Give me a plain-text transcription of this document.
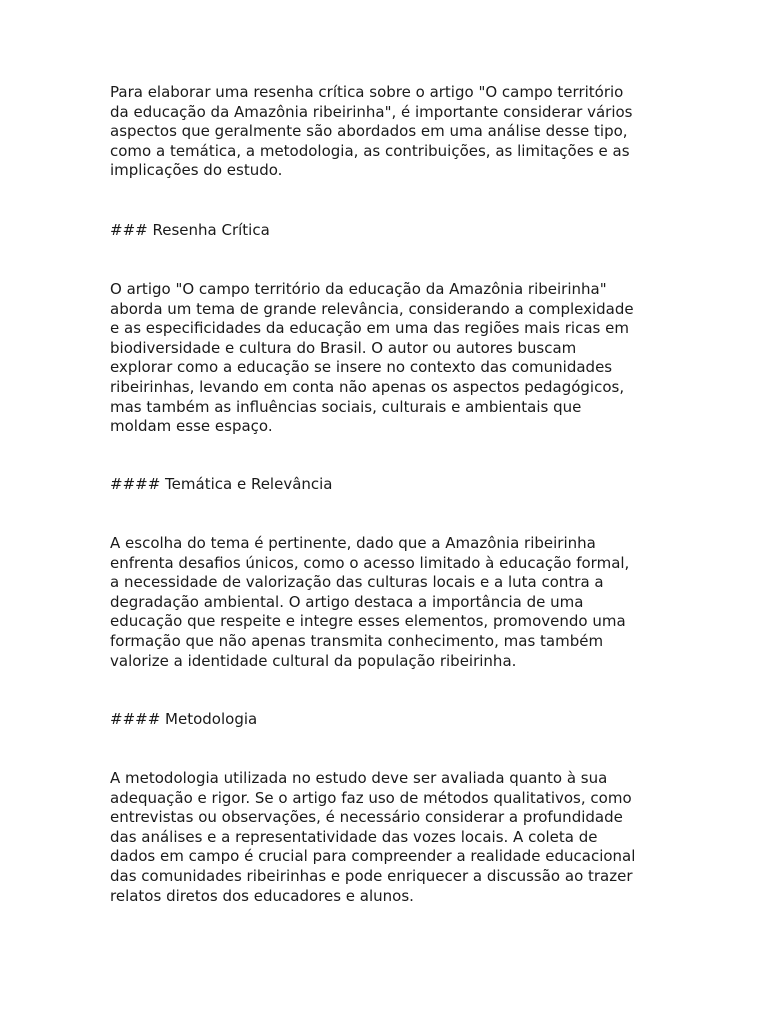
Para elaborar uma resenha crítica sobre o artigo "O campo território

da educação da Amazônia ribeirinha", é importante considerar vários

aspectos que geralmente são abordados em uma análise desse tipo,

como a temática, a metodologia, as contribuições, as limitações e as

implicações do estudo.

### Resenha Crítica

O artigo "O campo território da educação da Amazônia ribeirinha"

aborda um tema de grande relevância, considerando a complexidade

e as especificidades da educação em uma das regiões mais ricas em

biodiversidade e cultura do Brasil. O autor ou autores buscam

explorar como a educação se insere no contexto das comunidades

ribeirinhas, levando em conta não apenas os aspectos pedagógicos,

mas também as influências sociais, culturais e ambientais que

moldam esse espaço.

#### Temática e Relevância

A escolha do tema é pertinente, dado que a Amazônia ribeirinha

enfrenta desafios únicos, como o acesso limitado à educação formal,

a necessidade de valorização das culturas locais e a luta contra a

degradação ambiental. O artigo destaca a importância de uma

educação que respeite e integre esses elementos, promovendo uma

formação que não apenas transmita conhecimento, mas também

valorize a identidade cultural da população ribeirinha.

#### Metodologia

A metodologia utilizada no estudo deve ser avaliada quanto à sua

adequação e rigor. Se o artigo faz uso de métodos qualitativos, como

entrevistas ou observações, é necessário considerar a profundidade

das análises e a representatividade das vozes locais. A coleta de

dados em campo é crucial para compreender a realidade educacional

das comunidades ribeirinhas e pode enriquecer a discussão ao trazer

relatos diretos dos educadores e alunos.
